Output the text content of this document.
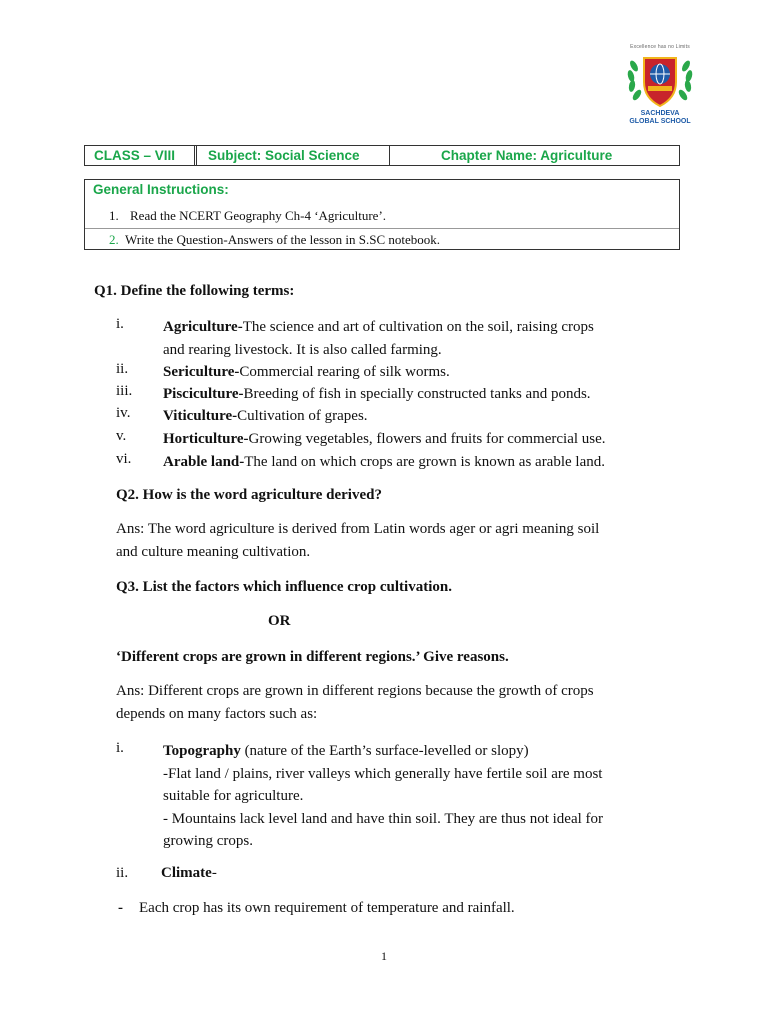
Excellence has no Limits
SACHDEVA
GLOBAL SCHOOL
CLASS – VIII Subject: Social Science	Chapter Name: Agriculture
General Instructions:
1. Read the NCERT Geography Ch-4 ‘Agriculture’.
2. Write the Question-Answers of the lesson in S.SC notebook.
Q1. Define the following terms:
i.	Agriculture-The science and art of cultivation on the soil, raising crops
and rearing livestock. It is also called farming.
ii. Sericulture-Commercial rearing of silk worms.
iii. Pisciculture-Breeding of fish in specially constructed tanks and ponds.
iv. Viticulture-Cultivation of grapes.
v. Horticulture-Growing vegetables, flowers and fruits for commercial use.
vi. Arable land-The land on which crops are grown is known as arable land.
Q2. How is the word agriculture derived?
Ans: The word agriculture is derived from Latin words ager or agri meaning soil
and culture meaning cultivation.
Q3. List the factors which influence crop cultivation.
OR
‘Different crops are grown in different regions.’ Give reasons.
Ans: Different crops are grown in different regions because the growth of crops
depends on many factors such as:
i.	Topography (nature of the Earth’s surface-levelled or slopy)
-Flat land / plains, river valleys which generally have fertile soil are most
suitable for agriculture.
- Mountains lack level land and have thin soil. They are thus not ideal for
growing crops.
ii. Climate-
- Each crop has its own requirement of temperature and rainfall.
1
